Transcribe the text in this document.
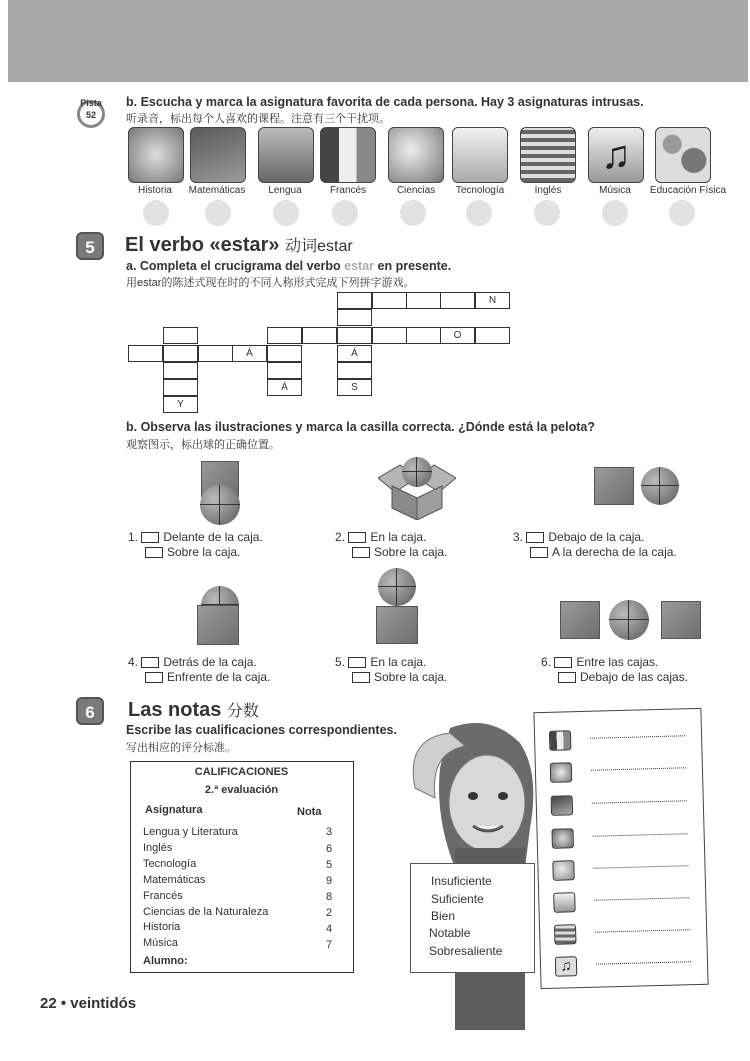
Pista
52
b. Escucha y marca la asignatura favorita de cada persona. Hay 3 asignaturas intrusas.
听录音，标出每个人喜欢的课程。注意有三个干扰项。
♫
Historia	Matemáticas	Lengua	Francés	Ciencias	Tecnología	Inglés	Música	Educación Física
5	El verbo «estar» 动词estar
a. Completa el crucigrama del verbo estar en presente.
用estar的陈述式现在时的不同人称形式完成下列拼字游戏。
N
O
Á	Á
Á	S
Y
b. Observa las ilustraciones y marca la casilla correcta. ¿Dónde está la pelota?
观察图示，标出球的正确位置。
1. Delante de la caja.
Sobre la caja.
2. En la caja.
Sobre la caja.
3. Debajo de la caja.
A la derecha de la caja.
4. Detrás de la caja.
Enfrente de la caja.
5. En la caja.
Sobre la caja.
6. Entre las cajas.
Debajo de las cajas.
6	Las notas 分数
Escribe las cualificaciones correspondientes.
写出相应的评分标准。
CALIFICACIONES
2.ª evaluación
Asignatura	Nota
Lengua y Literatura	3
Inglés	6
Tecnología	5
Matemáticas	9
Francés	8
Ciencias de la Naturaleza	2
Historia	4
Música	7
Alumno:
Insuficiente
Suficiente
Bien
Notable
Sobresaliente
♫
22 • veintidós
